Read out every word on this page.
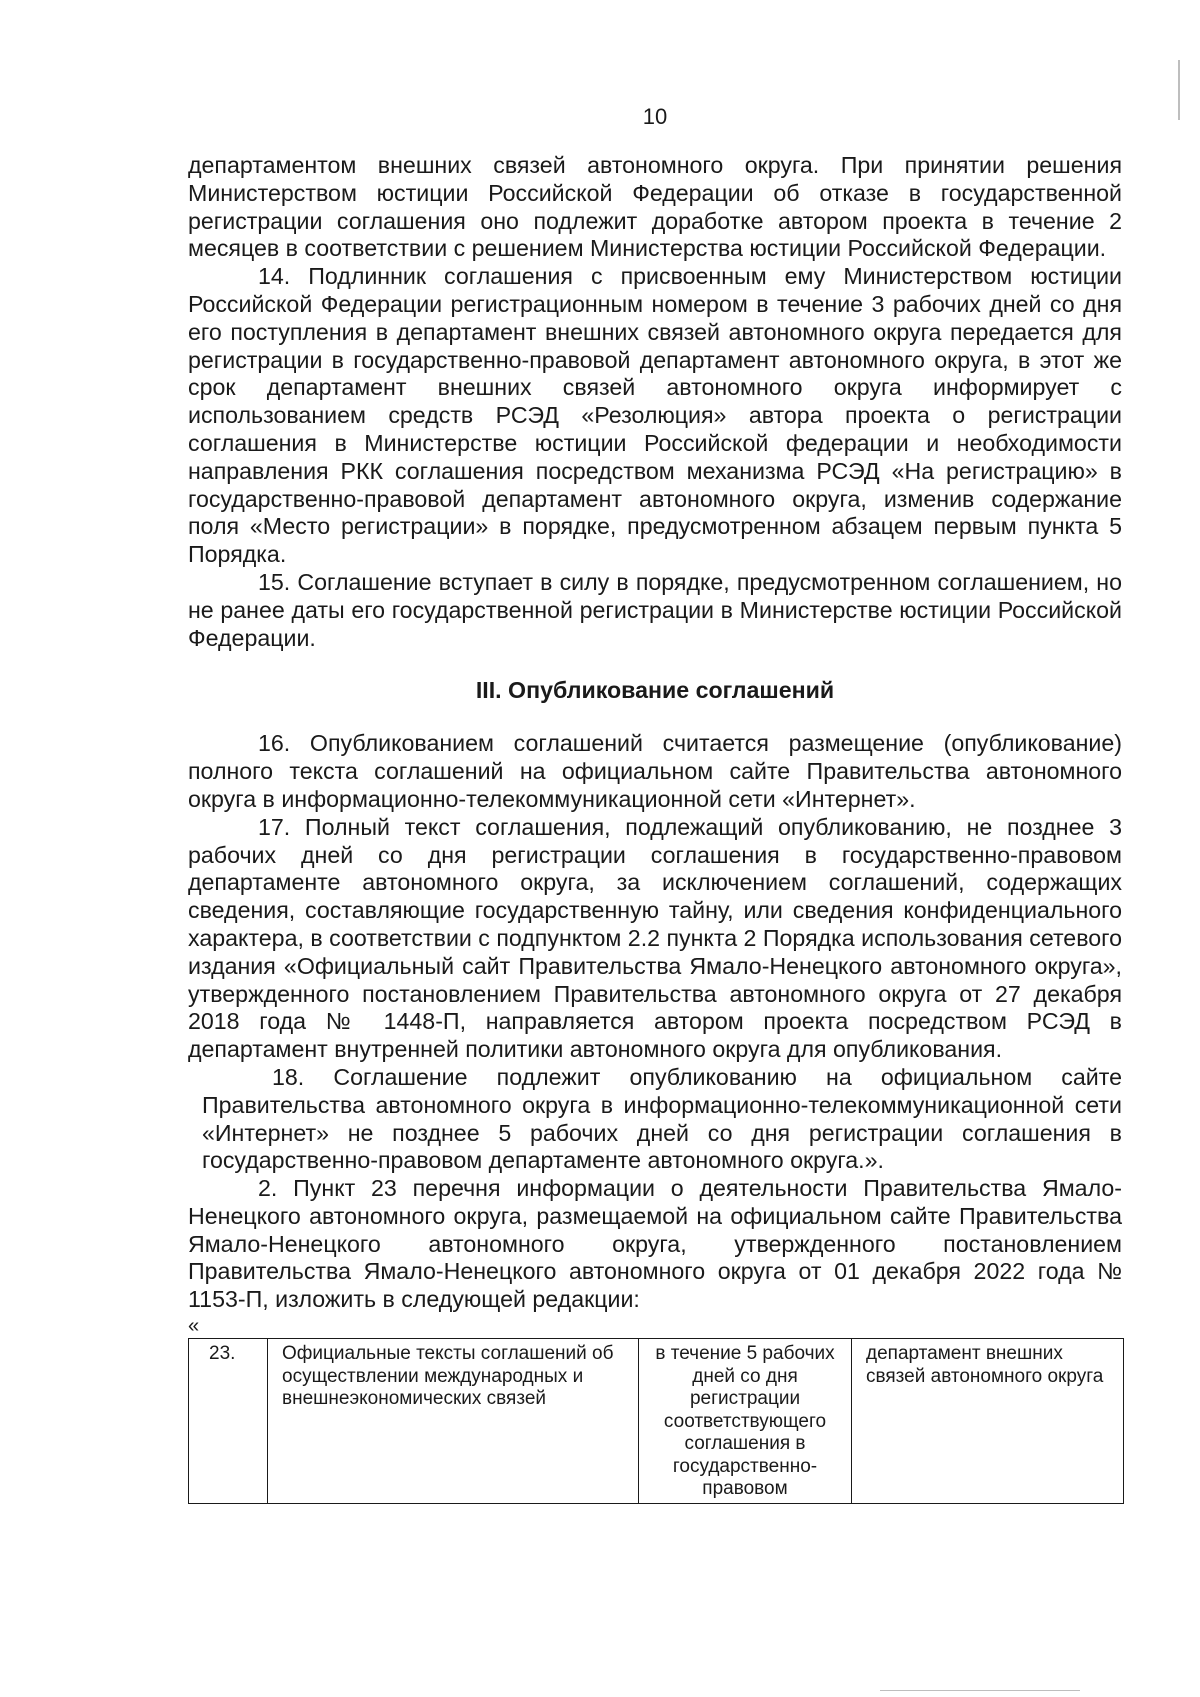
10

департаментом внешних связей автономного округа. При принятии решения Министерством юстиции Российской Федерации об отказе в государственной регистрации соглашения оно подлежит доработке автором проекта в течение 2 месяцев в соответствии с решением Министерства юстиции Российской Федерации.

14. Подлинник соглашения с присвоенным ему Министерством юстиции Российской Федерации регистрационным номером в течение 3 рабочих дней со дня его поступления в департамент внешних связей автономного округа передается для регистрации в государственно-правовой департамент автономного округа, в этот же срок департамент внешних связей автономного округа информирует с использованием средств РСЭД «Резолюция» автора проекта о регистрации соглашения в Министерстве юстиции Российской федерации и необходимости направления РКК соглашения посредством механизма РСЭД «На регистрацию» в государственно-правовой департамент автономного округа, изменив содержание поля «Место регистрации» в порядке, предусмотренном абзацем первым пункта 5 Порядка.

15. Соглашение вступает в силу в порядке, предусмотренном соглашением, но не ранее даты его государственной регистрации в Министерстве юстиции Российской Федерации.

III. Опубликование соглашений

16. Опубликованием соглашений считается размещение (опубликование) полного текста соглашений на официальном сайте Правительства автономного округа в информационно-телекоммуникационной сети «Интернет».

17. Полный текст соглашения, подлежащий опубликованию, не позднее 3 рабочих дней со дня регистрации соглашения в государственно-правовом департаменте автономного округа, за исключением соглашений, содержащих сведения, составляющие государственную тайну, или сведения конфиденциального характера, в соответствии с подпунктом 2.2 пункта 2 Порядка использования сетевого издания «Официальный сайт Правительства Ямало-Ненецкого автономного округа», утвержденного постановлением Правительства автономного округа от 27 декабря 2018 года № 1448-П, направляется автором проекта посредством РСЭД в департамент внутренней политики автономного округа для опубликования.

18. Соглашение подлежит опубликованию на официальном сайте Правительства автономного округа в информационно-телекоммуникационной сети «Интернет» не позднее 5 рабочих дней со дня регистрации соглашения в государственно-правовом департаменте автономного округа.».

2. Пункт 23 перечня информации о деятельности Правительства Ямало-Ненецкого автономного округа, размещаемой на официальном сайте Правительства Ямало-Ненецкого автономного округа, утвержденного постановлением Правительства Ямало-Ненецкого автономного округа от 01 декабря 2022 года № 1153-П, изложить в следующей редакции:

«
23.	Официальные тексты соглашений об осуществлении международных и внешнеэкономических связей	в течение 5 рабочих дней со дня регистрации соответствующего соглашения в государственно-правовом	департамент внешних связей автономного округа
